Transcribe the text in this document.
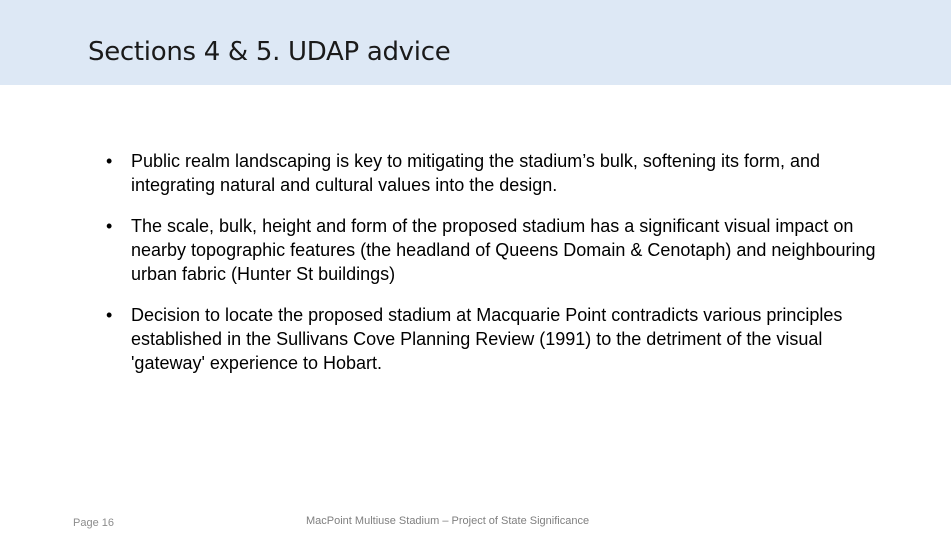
Sections 4 & 5. UDAP advice
• Public realm landscaping is key to mitigating the stadium’s bulk, softening its form, and integrating natural and cultural values into the design.
• The scale, bulk, height and form of the proposed stadium has a significant visual impact on nearby topographic features (the headland of Queens Domain & Cenotaph) and neighbouring urban fabric (Hunter St buildings)
• Decision to locate the proposed stadium at Macquarie Point contradicts various principles established in the Sullivans Cove Planning Review (1991) to the detriment of the visual 'gateway' experience to Hobart.
Page 16	MacPoint Multiuse Stadium – Project of State Significance
